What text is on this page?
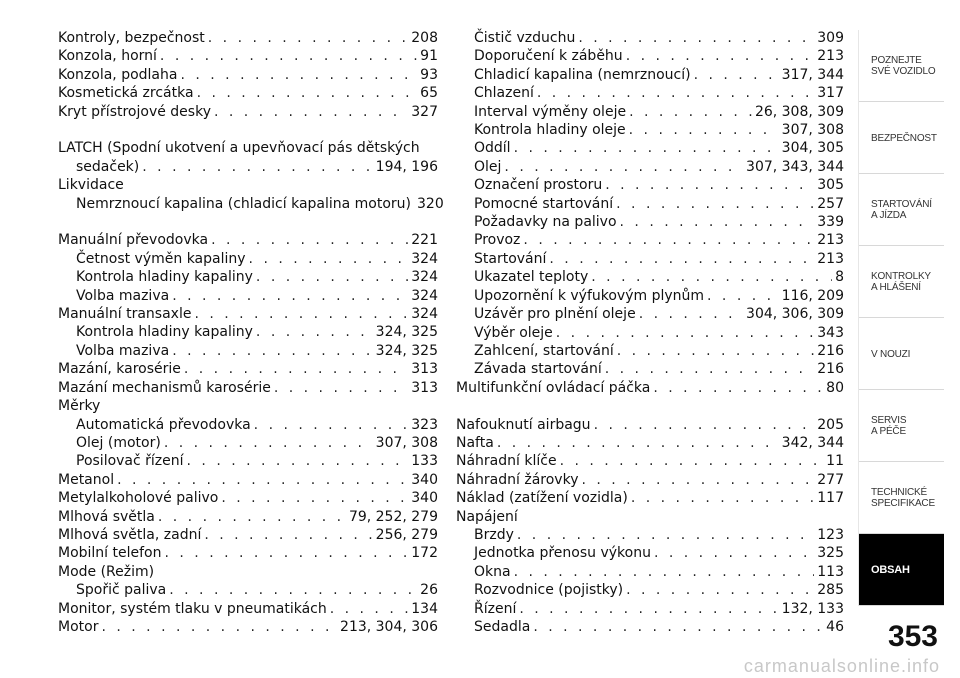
Kontroly, bezpečnost . . .	208
Konzola, horní . . .	91
Konzola, podlaha . . .	93
Kosmetická zrcátka . . .	65
Kryt přístrojové desky . . .	327
LATCH (Spodní ukotvení a upevňovací pás dětských
sedaček) . . .	194, 196
Likvidace
Nemrznoucí kapalina (chladicí kapalina motoru) 320
Manuální převodovka . . .	221
Četnost výměn kapaliny . . .	324
Kontrola hladiny kapaliny . . .	324
Volba maziva . . .	324
Manuální transaxle . . .	324
Kontrola hladiny kapaliny . . .	324, 325
Volba maziva . . .	324, 325
Mazání, karosérie . . .	313
Mazání mechanismů karosérie . . .	313
Měrky
Automatická převodovka . . .	323
Olej (motor) . . .	307, 308
Posilovač řízení . . .	133
Metanol . . .	340
Metylalkoholové palivo . . .	340
Mlhová světla . . .	79, 252, 279
Mlhová světla, zadní . . .	256, 279
Mobilní telefon . . .	172
Mode (Režim)
Spořič paliva . . .	26
Monitor, systém tlaku v pneumatikách . . .	134
Motor . . .	213, 304, 306
Čistič vzduchu . . .	309
Doporučení k záběhu . . .	213
Chladicí kapalina (nemrznoucí) . . .	317, 344
Chlazení . . .	317
Interval výměny oleje . . .	26, 308, 309
Kontrola hladiny oleje . . .	307, 308
Oddíl . . .	304, 305
Olej . . .	307, 343, 344
Označení prostoru . . .	305
Pomocné startování . . .	257
Požadavky na palivo . . .	339
Provoz . . .	213
Startování . . .	213
Ukazatel teploty . . .	8
Upozornění k výfukovým plynům . . .	116, 209
Uzávěr pro plnění oleje . . .	304, 306, 309
Výběr oleje . . .	343
Zahlcení, startování . . .	216
Závada startování . . .	216
Multifunkční ovládací páčka . . .	80
Nafouknutí airbagu . . .	205
Nafta . . .	342, 344
Náhradní klíče . . .	11
Náhradní žárovky . . .	277
Náklad (zatížení vozidla) . . .	117
Napájení
Brzdy . . .	123
Jednotka přenosu výkonu . . .	325
Okna . . .	113
Rozvodnice (pojistky) . . .	285
Řízení . . .	132, 133
Sedadla . . .	46
POZNEJTE
SVÉ VOZIDLO
BEZPEČNOST
STARTOVÁNÍ
A JÍZDA
KONTROLKY
A HLÁŠENÍ
V NOUZI
SERVIS
A PÉČE
TECHNICKÉ
SPECIFIKACE
OBSAH
353
carmanualsonline.info
